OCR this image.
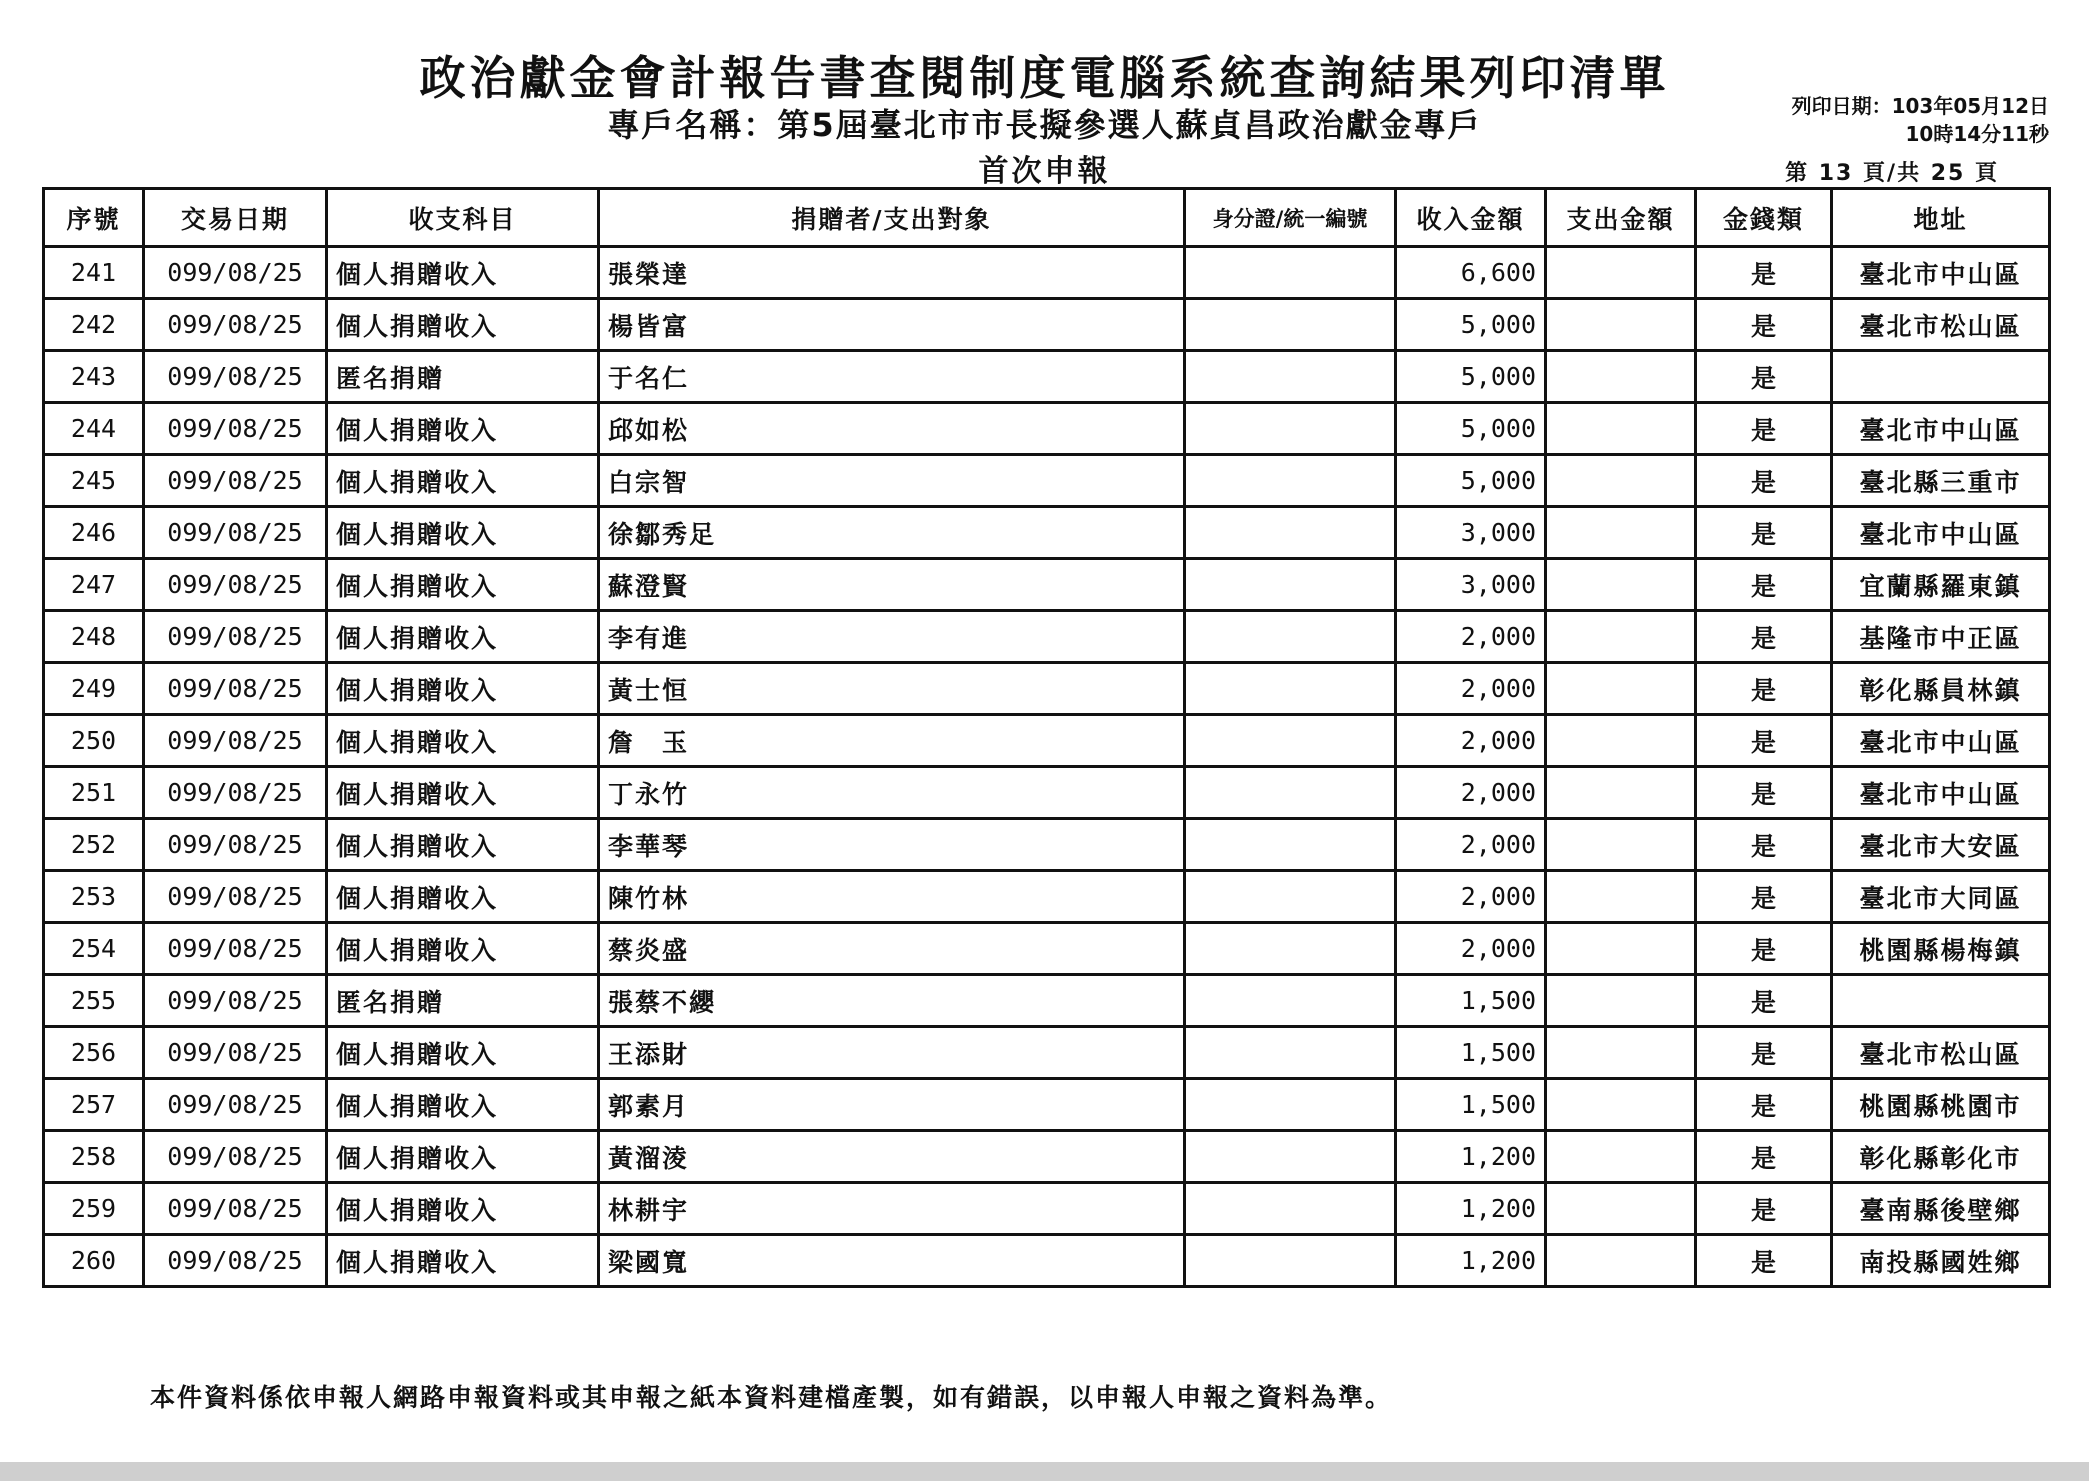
政治獻金會計報告書查閱制度電腦系統查詢結果列印清單
專戶名稱：第5屆臺北市市長擬參選人蘇貞昌政治獻金專戶
首次申報
列印日期：103年05月12日
10時14分11秒
第 13 頁/共 25 頁
序號	交易日期	收支科目	捐贈者/支出對象	身分證/統一編號	收入金額	支出金額	金錢類	地址
241	099/08/25	個人捐贈收入	張榮達		6,600		是	臺北市中山區
242	099/08/25	個人捐贈收入	楊皆富		5,000		是	臺北市松山區
243	099/08/25	匿名捐贈	于名仁		5,000		是	
244	099/08/25	個人捐贈收入	邱如松		5,000		是	臺北市中山區
245	099/08/25	個人捐贈收入	白宗智		5,000		是	臺北縣三重市
246	099/08/25	個人捐贈收入	徐鄒秀足		3,000		是	臺北市中山區
247	099/08/25	個人捐贈收入	蘇澄賢		3,000		是	宜蘭縣羅東鎮
248	099/08/25	個人捐贈收入	李有進		2,000		是	基隆市中正區
249	099/08/25	個人捐贈收入	黃士恒		2,000		是	彰化縣員林鎮
250	099/08/25	個人捐贈收入	詹　玉		2,000		是	臺北市中山區
251	099/08/25	個人捐贈收入	丁永竹		2,000		是	臺北市中山區
252	099/08/25	個人捐贈收入	李華琴		2,000		是	臺北市大安區
253	099/08/25	個人捐贈收入	陳竹林		2,000		是	臺北市大同區
254	099/08/25	個人捐贈收入	蔡炎盛		2,000		是	桃園縣楊梅鎮
255	099/08/25	匿名捐贈	張蔡不纓		1,500		是	
256	099/08/25	個人捐贈收入	王添財		1,500		是	臺北市松山區
257	099/08/25	個人捐贈收入	郭素月		1,500		是	桃園縣桃園市
258	099/08/25	個人捐贈收入	黃溜淩		1,200		是	彰化縣彰化市
259	099/08/25	個人捐贈收入	林耕宇		1,200		是	臺南縣後壁鄉
260	099/08/25	個人捐贈收入	梁國寬		1,200		是	南投縣國姓鄉
本件資料係依申報人網路申報資料或其申報之紙本資料建檔產製，如有錯誤，以申報人申報之資料為準。
